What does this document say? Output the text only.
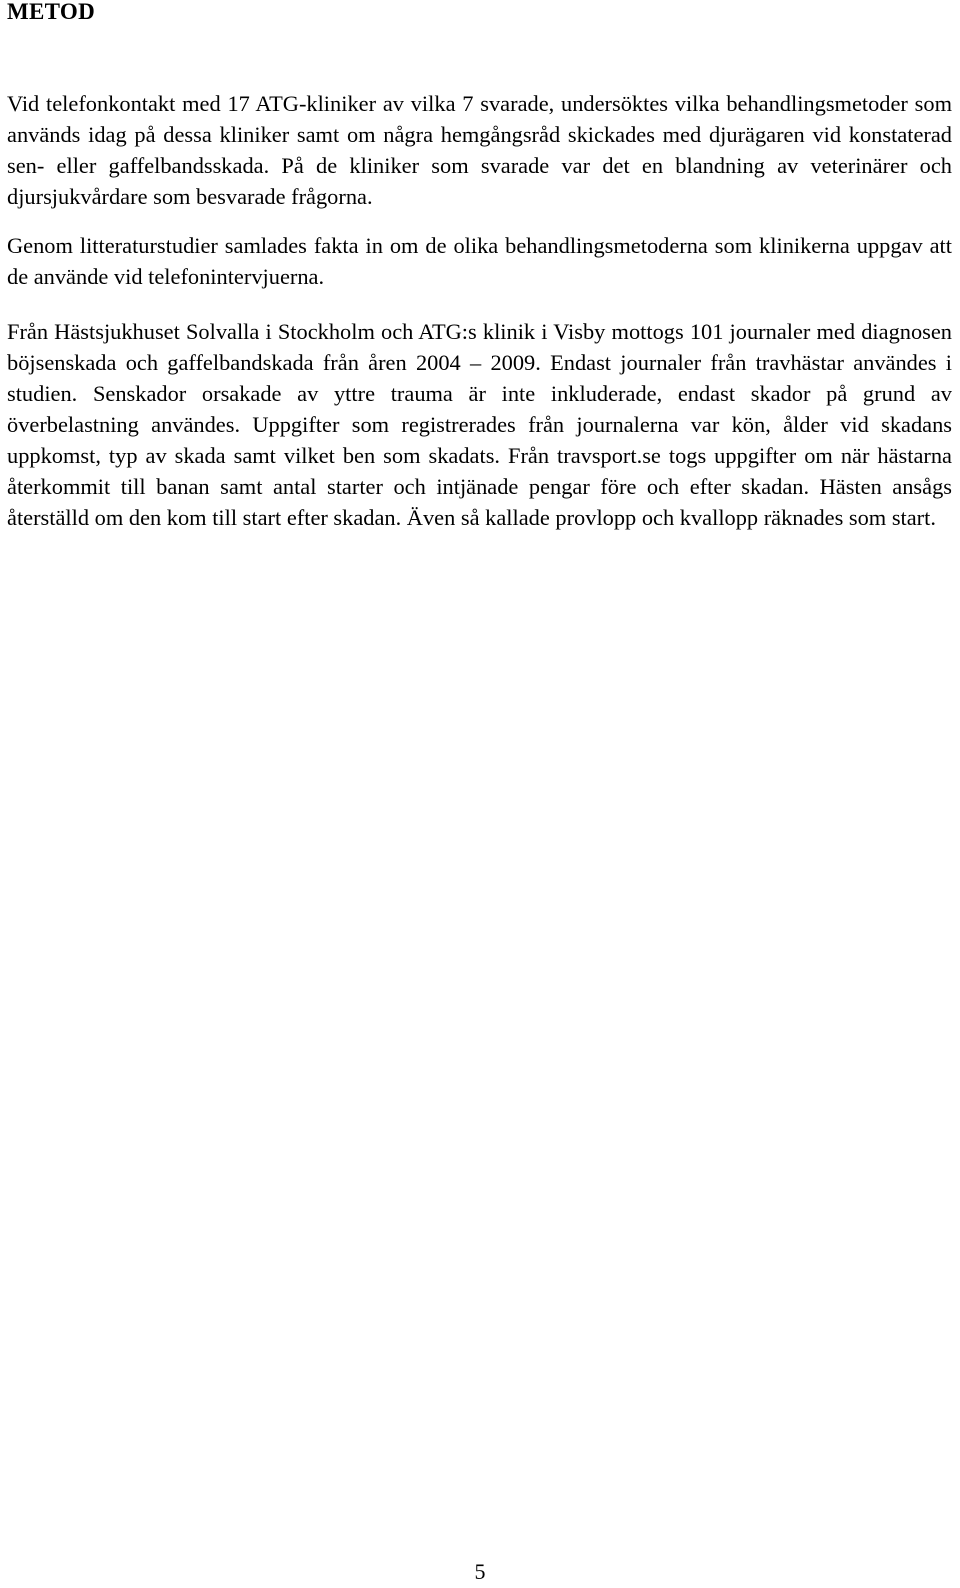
METOD

Vid telefonkontakt med 17 ATG-kliniker av vilka 7 svarade, undersöktes vilka behandlingsmetoder som används idag på dessa kliniker samt om några hemgångsråd skickades med djurägaren vid konstaterad sen- eller gaffelbandsskada. På de kliniker som svarade var det en blandning av veterinärer och djursjukvårdare som besvarade frågorna.

Genom litteraturstudier samlades fakta in om de olika behandlingsmetoderna som klinikerna uppgav att de använde vid telefonintervjuerna.

Från Hästsjukhuset Solvalla i Stockholm och ATG:s klinik i Visby mottogs 101 journaler med diagnosen böjsenskada och gaffelbandskada från åren 2004 – 2009. Endast journaler från travhästar användes i studien. Senskador orsakade av yttre trauma är inte inkluderade, endast skador på grund av överbelastning användes. Uppgifter som registrerades från journalerna var kön, ålder vid skadans uppkomst, typ av skada samt vilket ben som skadats. Från travsport.se togs uppgifter om när hästarna återkommit till banan samt antal starter och intjänade pengar före och efter skadan. Hästen ansågs återställd om den kom till start efter skadan. Även så kallade provlopp och kvallopp räknades som start.

5
